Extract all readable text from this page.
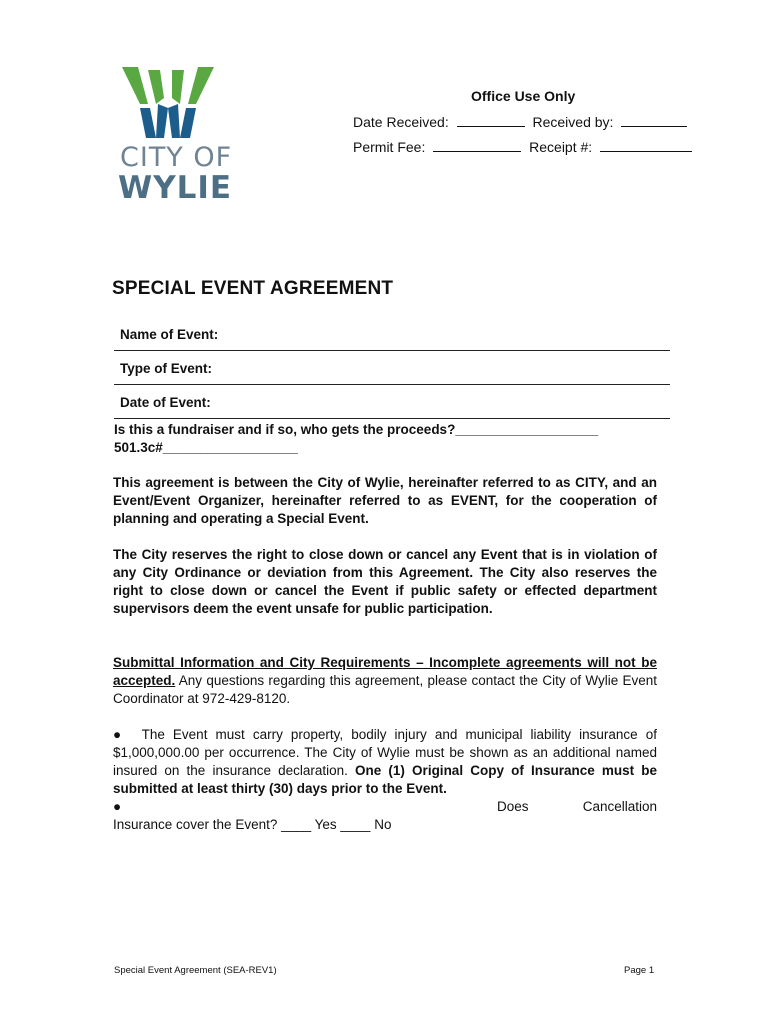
CITY OF
WYLIE
Office Use Only
Date Received:	Received by:
Permit Fee:	Receipt #:
SPECIAL EVENT AGREEMENT
Name of Event:
Type of Event:
Date of Event:
Is this a fundraiser and if so, who gets the proceeds?___________________
501.3c#__________________
This agreement is between the City of Wylie, hereinafter referred to as CITY, and an Event/Event Organizer, hereinafter referred to as EVENT, for the cooperation of planning and operating a Special Event.
The City reserves the right to close down or cancel any Event that is in violation of any City Ordinance or deviation from this Agreement. The City also reserves the right to close down or cancel the Event if public safety or effected department supervisors deem the event unsafe for public participation.
Submittal Information and City Requirements – Incomplete agreements will not be accepted. Any questions regarding this agreement, please contact the City of Wylie Event Coordinator at 972-429-8120.
● The Event must carry property, bodily injury and municipal liability insurance of $1,000,000.00 per occurrence. The City of Wylie must be shown as an additional named insured on the insurance declaration. One (1) Original Copy of Insurance must be submitted at least thirty (30) days prior to the Event.
●	Does	Cancellation
Insurance cover the Event? ____ Yes ____ No
Special Event Agreement (SEA-REV1)	Page 1
